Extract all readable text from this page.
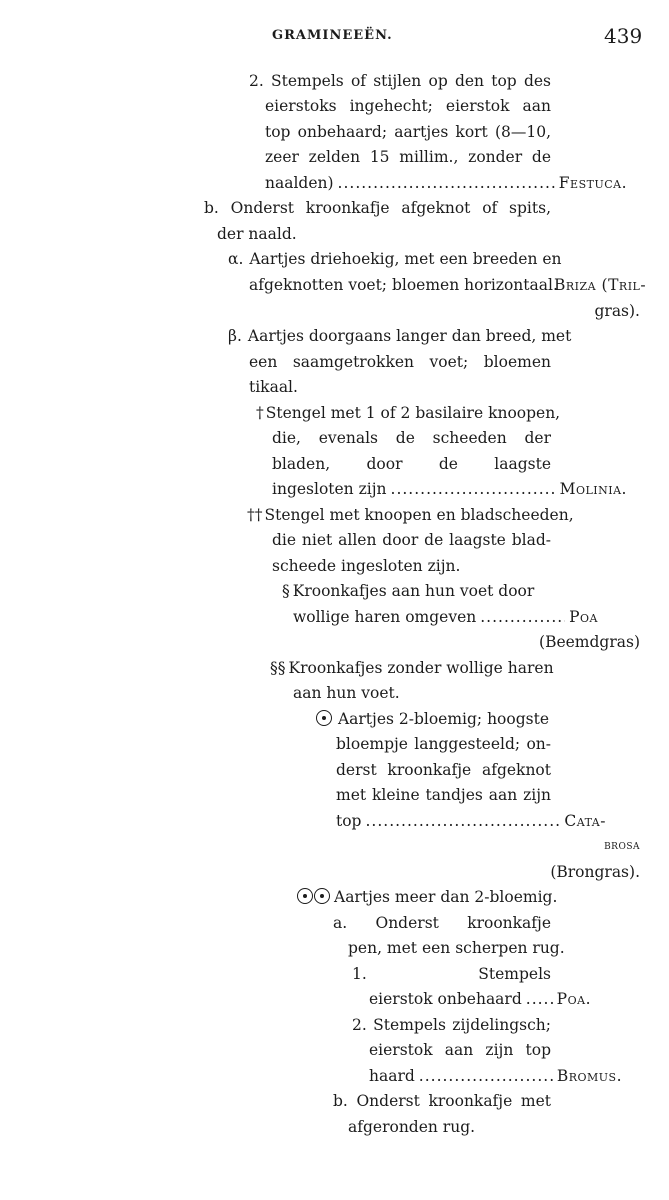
GRAMINEEËN.	439
2. Stempels of stijlen op den top des
eierstoks ingehecht; eierstok aan
top onbehaard; aartjes kort (8—10,
zeer zelden 15 millim., zonder de
naalden) .....	Festuca.
b. Onderst kroonkafje afgeknot of spits,
der naald.
α. Aartjes driehoekig, met een breeden en
afgeknotten voet; bloemen horizontaal.
Briza (Tril-
gras).
β. Aartjes doorgaans langer dan breed, met
een saamgetrokken voet; bloemen
tikaal.
† Stengel met 1 of 2 basilaire knoopen,
die, evenals de scheeden der
bladen, door de laagste
ingesloten zijn .....	Molinia.
†† Stengel met knoopen en bladscheeden,
die niet allen door de laagste blad-
scheede ingesloten zijn.
§ Kroonkafjes aan hun voet door
wollige haren omgeven .....	Poa
(Beemdgras)
§§ Kroonkafjes zonder wollige haren
aan hun voet.
Aartjes 2-bloemig; hoogste
bloempje langgesteeld; on-
derst kroonkafje afgeknot
met kleine tandjes aan zijn
top .....	Cata-
brosa
(Brongras).
Aartjes meer dan 2-bloemig.
a. Onderst kroonkafje
pen, met een scherpen rug.
1. Stempels
eierstok onbehaard ..... Poa.
2. Stempels zijdelingsch;
eierstok aan zijn top
haard .....	Bromus.
b. Onderst kroonkafje met
afgeronden rug.
